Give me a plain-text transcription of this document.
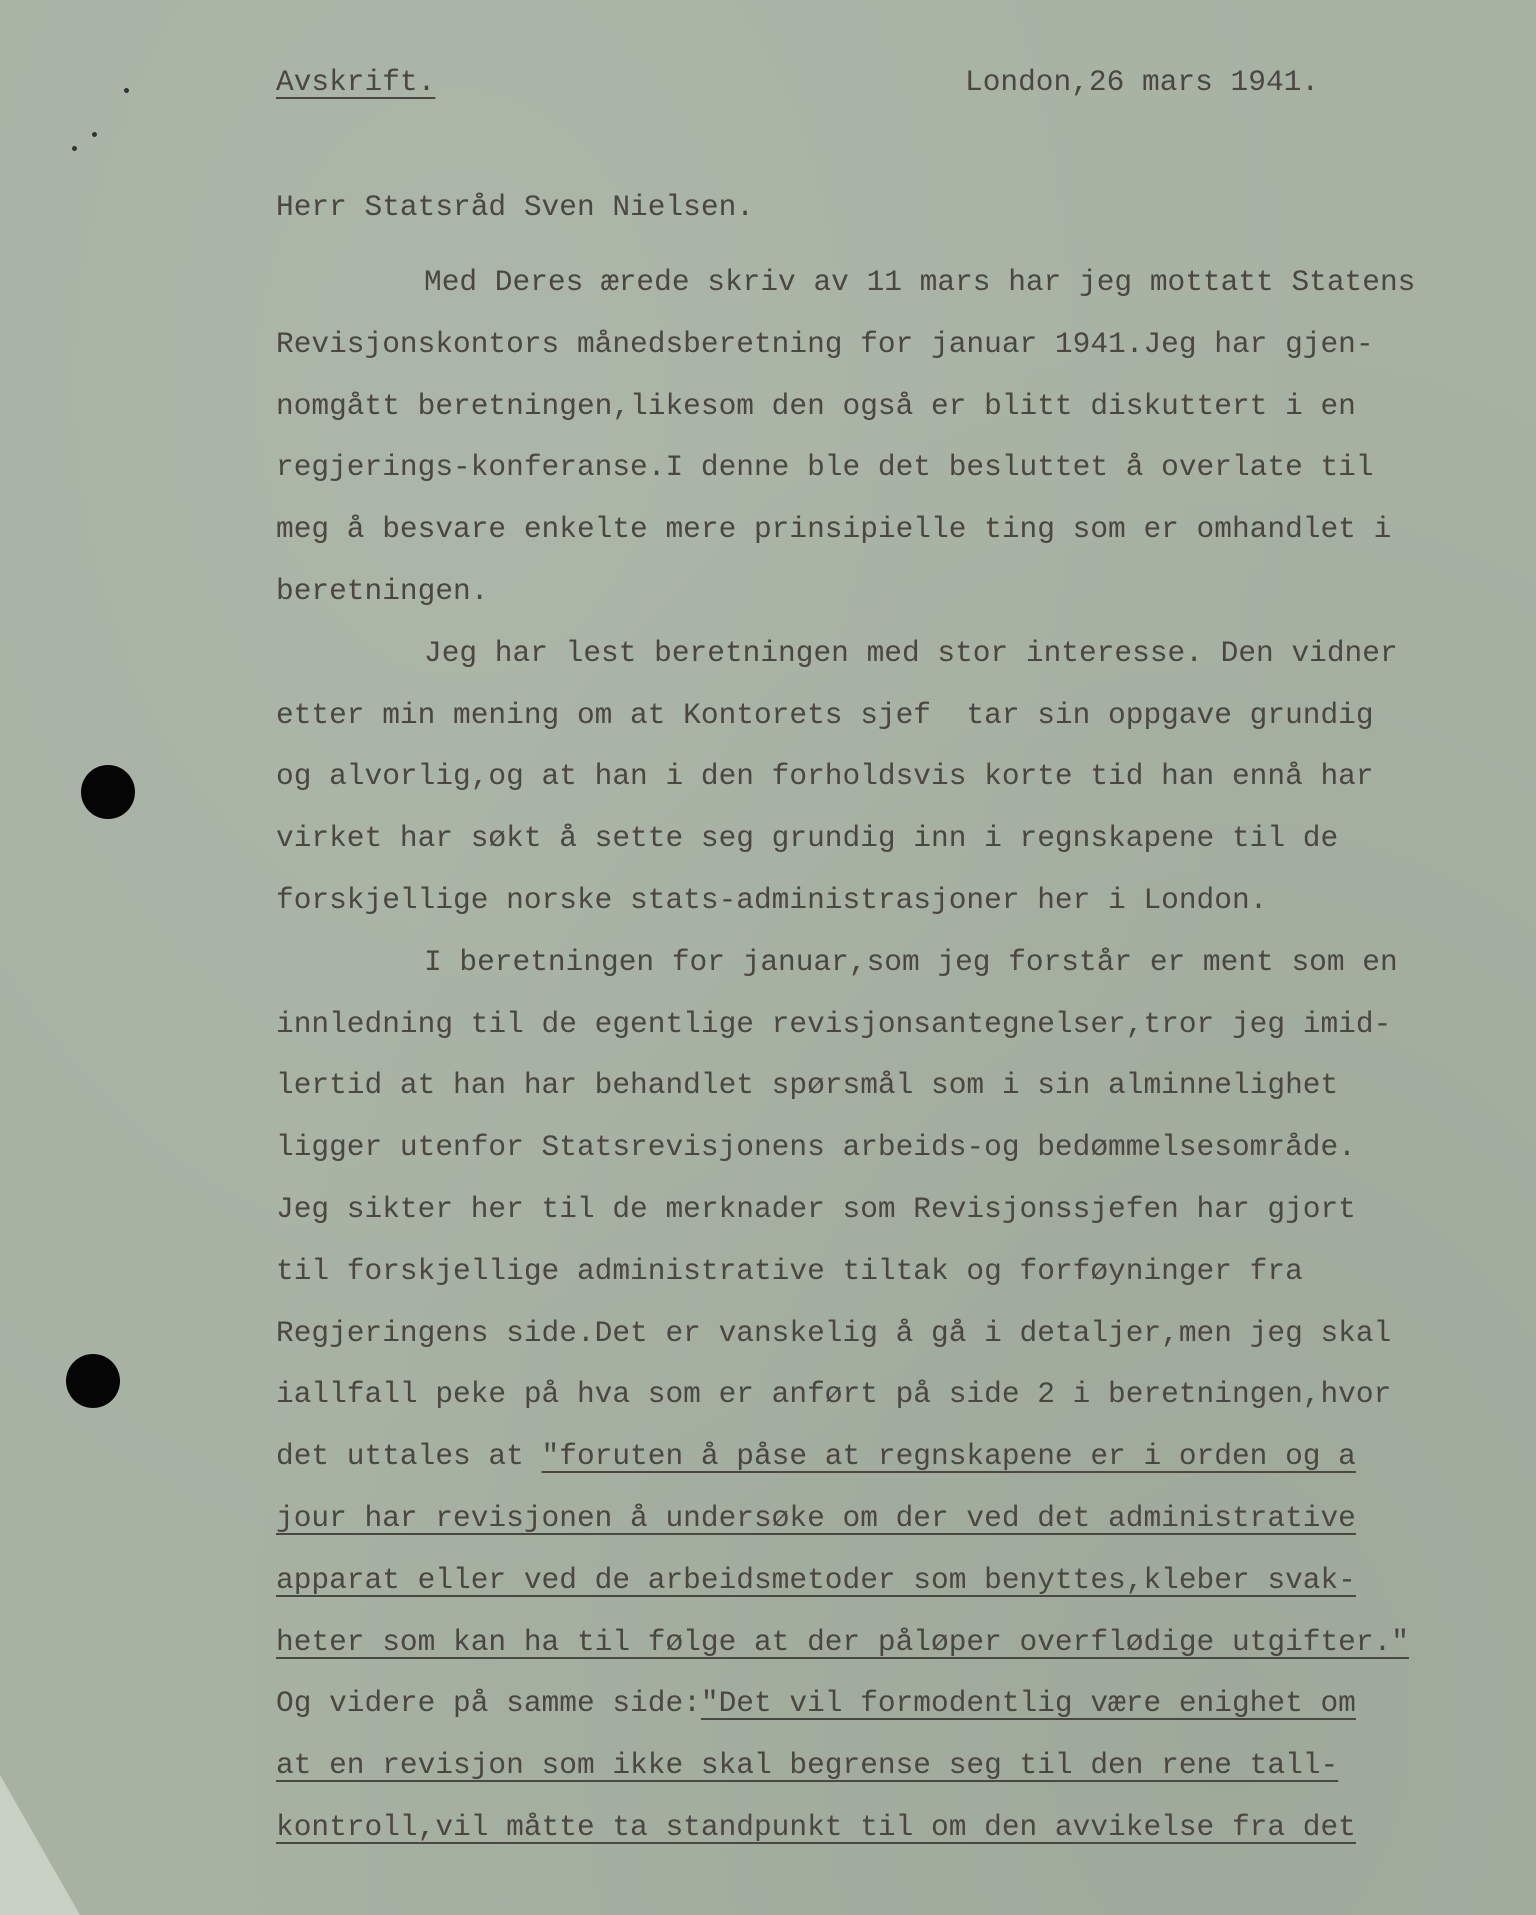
Avskrift.	London,26 mars 1941.
Herr Statsråd Sven Nielsen.
Med Deres ærede skriv av 11 mars har jeg mottatt Statens
Revisjonskontors månedsberetning for januar 1941.Jeg har gjen-
nomgått beretningen,likesom den også er blitt diskuttert i en
regjerings-konferanse.I denne ble det besluttet å overlate til
meg å besvare enkelte mere prinsipielle ting som er omhandlet i
beretningen.
Jeg har lest beretningen med stor interesse. Den vidner
etter min mening om at Kontorets sjef  tar sin oppgave grundig
og alvorlig,og at han i den forholdsvis korte tid han ennå har
virket har søkt å sette seg grundig inn i regnskapene til de
forskjellige norske stats-administrasjoner her i London.
I beretningen for januar,som jeg forstår er ment som en
innledning til de egentlige revisjonsantegnelser,tror jeg imid-
lertid at han har behandlet spørsmål som i sin alminnelighet
ligger utenfor Statsrevisjonens arbeids-og bedømmelsesområde.
Jeg sikter her til de merknader som Revisjonssjefen har gjort
til forskjellige administrative tiltak og forføyninger fra
Regjeringens side.Det er vanskelig å gå i detaljer,men jeg skal
iallfall peke på hva som er anført på side 2 i beretningen,hvor
det uttales at "foruten å påse at regnskapene er i orden og a
jour har revisjonen å undersøke om der ved det administrative
apparat eller ved de arbeidsmetoder som benyttes,kleber svak-
heter som kan ha til følge at der påløper overflødige utgifter."
Og videre på samme side:"Det vil formodentlig være enighet om
at en revisjon som ikke skal begrense seg til den rene tall-
kontroll,vil måtte ta standpunkt til om den avvikelse fra det
